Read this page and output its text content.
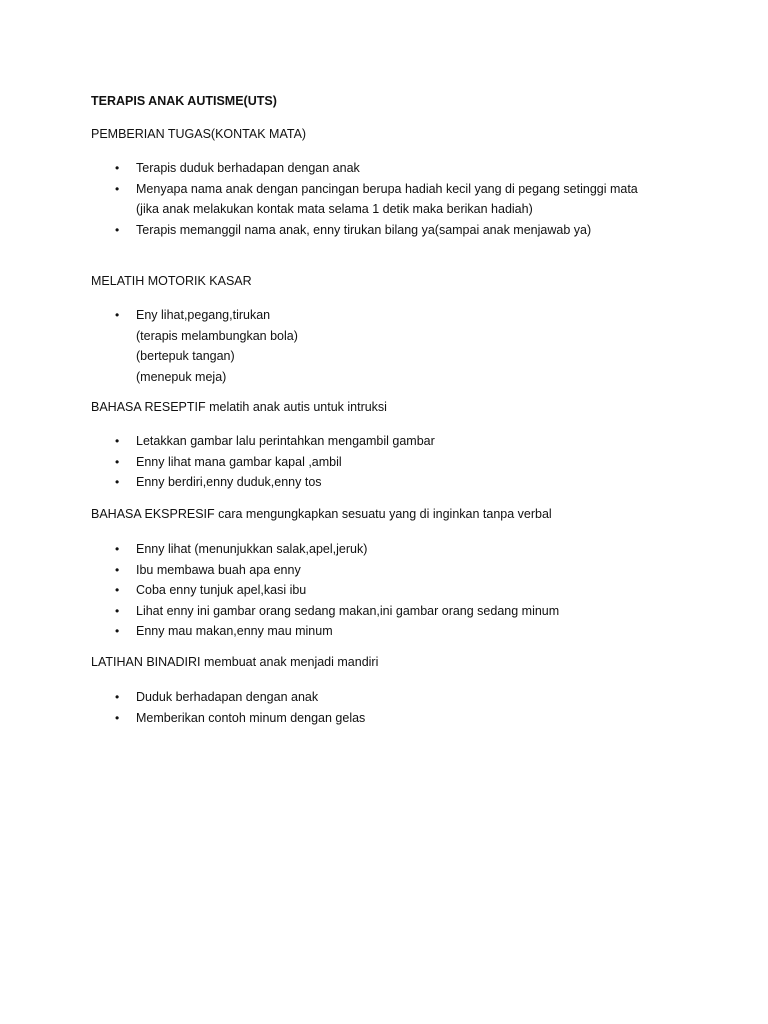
TERAPIS ANAK AUTISME(UTS)
PEMBERIAN TUGAS(KONTAK MATA)
• Terapis duduk berhadapan dengan anak
• Menyapa nama anak dengan pancingan berupa hadiah kecil yang di pegang setinggi mata
(jika anak melakukan kontak mata selama 1 detik maka berikan hadiah)
• Terapis memanggil nama anak, enny tirukan bilang ya(sampai anak menjawab ya)
MELATIH MOTORIK KASAR
• Eny lihat,pegang,tirukan
(terapis melambungkan bola)
(bertepuk tangan)
(menepuk meja)
BAHASA RESEPTIF melatih anak autis untuk intruksi
• Letakkan gambar lalu perintahkan mengambil gambar
• Enny lihat mana gambar kapal ,ambil
• Enny berdiri,enny duduk,enny tos
BAHASA EKSPRESIF cara mengungkapkan sesuatu yang di inginkan tanpa verbal
• Enny lihat (menunjukkan salak,apel,jeruk)
• Ibu membawa buah apa enny
• Coba enny tunjuk apel,kasi ibu
• Lihat enny ini gambar orang sedang makan,ini gambar orang sedang minum
• Enny mau makan,enny mau minum
LATIHAN BINADIRI membuat anak menjadi mandiri
• Duduk berhadapan dengan anak
• Memberikan contoh minum dengan gelas
